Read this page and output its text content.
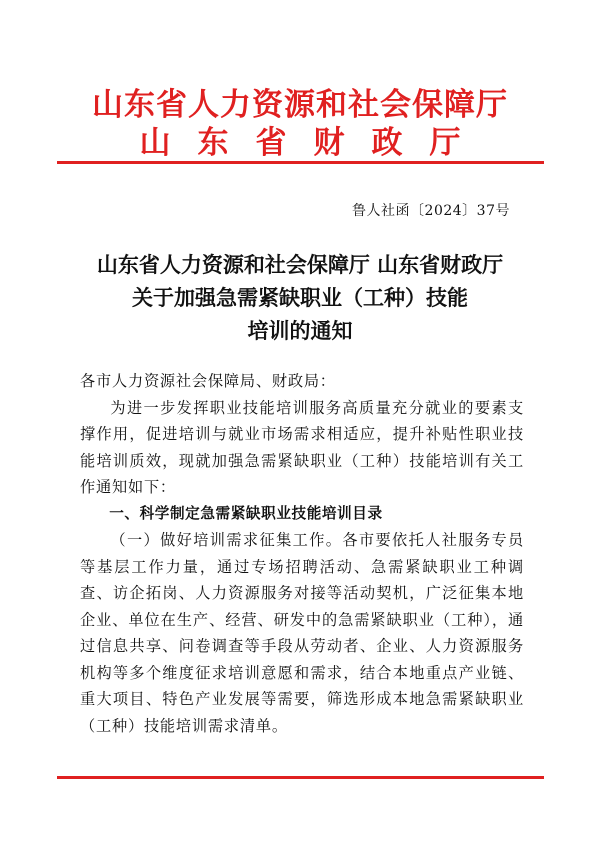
山东省人力资源和社会保障厅
山东省财政厅
鲁人社函〔2024〕37号
山东省人力资源和社会保障厅 山东省财政厅
关于加强急需紧缺职业（工种）技能
培训的通知

各市人力资源社会保障局、财政局：

为进一步发挥职业技能培训服务高质量充分就业的要素支撑作用，促进培训与就业市场需求相适应，提升补贴性职业技能培训质效，现就加强急需紧缺职业（工种）技能培训有关工作通知如下：

一、科学制定急需紧缺职业技能培训目录

（一）做好培训需求征集工作。各市要依托人社服务专员等基层工作力量，通过专场招聘活动、急需紧缺职业工种调查、访企拓岗、人力资源服务对接等活动契机，广泛征集本地企业、单位在生产、经营、研发中的急需紧缺职业（工种），通过信息共享、问卷调查等手段从劳动者、企业、人力资源服务机构等多个维度征求培训意愿和需求，结合本地重点产业链、重大项目、特色产业发展等需要，筛选形成本地急需紧缺职业（工种）技能培训需求清单。
